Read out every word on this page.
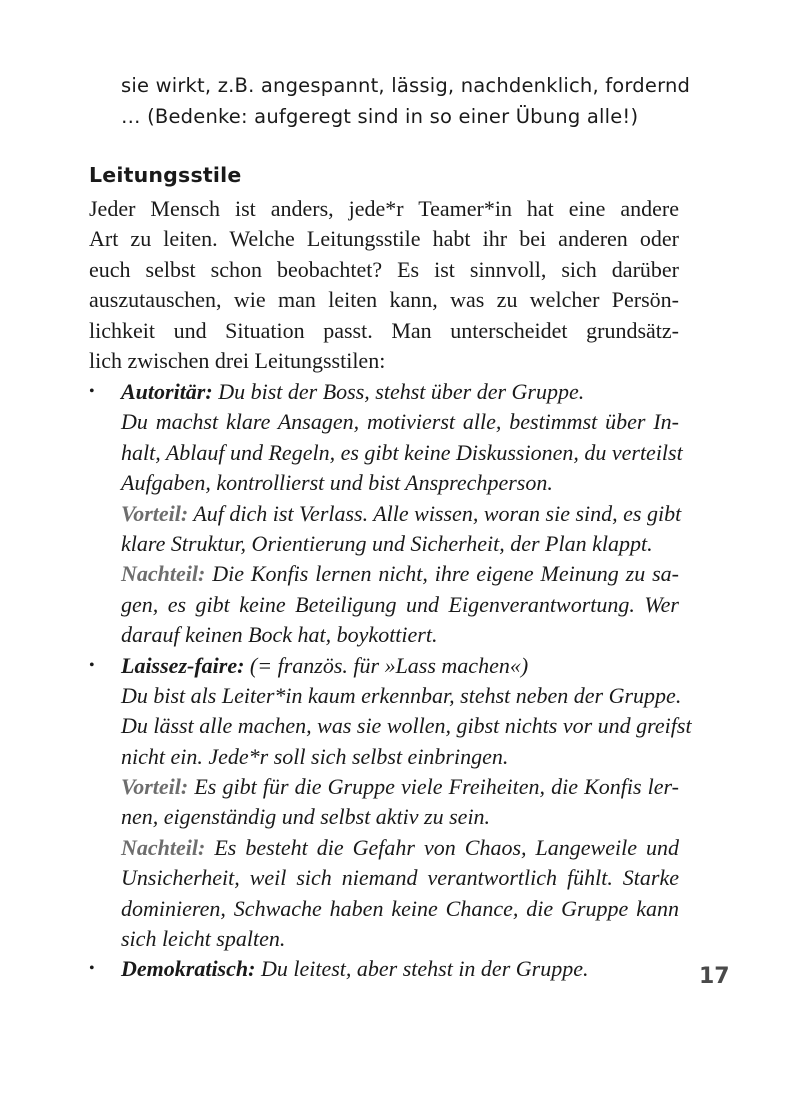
sie wirkt, z.B. angespannt, lässig, nachdenklich, fordernd
… (Bedenke: aufgeregt sind in so einer Übung alle!)
Leitungsstile
Jeder Mensch ist anders, jede*r Teamer*in hat eine andere
Art zu leiten. Welche Leitungsstile habt ihr bei anderen oder
euch selbst schon beobachtet? Es ist sinnvoll, sich darüber
auszutauschen, wie man leiten kann, was zu welcher Persön-
lichkeit und Situation passt. Man unterscheidet grundsätz-
lich zwischen drei Leitungsstilen:
• Autoritär: Du bist der Boss, stehst über der Gruppe.
Du machst klare Ansagen, motivierst alle, bestimmst über In-
halt, Ablauf und Regeln, es gibt keine Diskussionen, du verteilst
Aufgaben, kontrollierst und bist Ansprechperson.
Vorteil: Auf dich ist Verlass. Alle wissen, woran sie sind, es gibt
klare Struktur, Orientierung und Sicherheit, der Plan klappt.
Nachteil: Die Konfis lernen nicht, ihre eigene Meinung zu sa-
gen, es gibt keine Beteiligung und Eigenverantwortung. Wer
darauf keinen Bock hat, boykottiert.
• Laissez-faire: (= französ. für »Lass machen«)
Du bist als Leiter*in kaum erkennbar, stehst neben der Gruppe.
Du lässt alle machen, was sie wollen, gibst nichts vor und greifst
nicht ein. Jede*r soll sich selbst einbringen.
Vorteil: Es gibt für die Gruppe viele Freiheiten, die Konfis ler-
nen, eigenständig und selbst aktiv zu sein.
Nachteil: Es besteht die Gefahr von Chaos, Langeweile und
Unsicherheit, weil sich niemand verantwortlich fühlt. Starke
dominieren, Schwache haben keine Chance, die Gruppe kann
sich leicht spalten.
• Demokratisch: Du leitest, aber stehst in der Gruppe.	17
